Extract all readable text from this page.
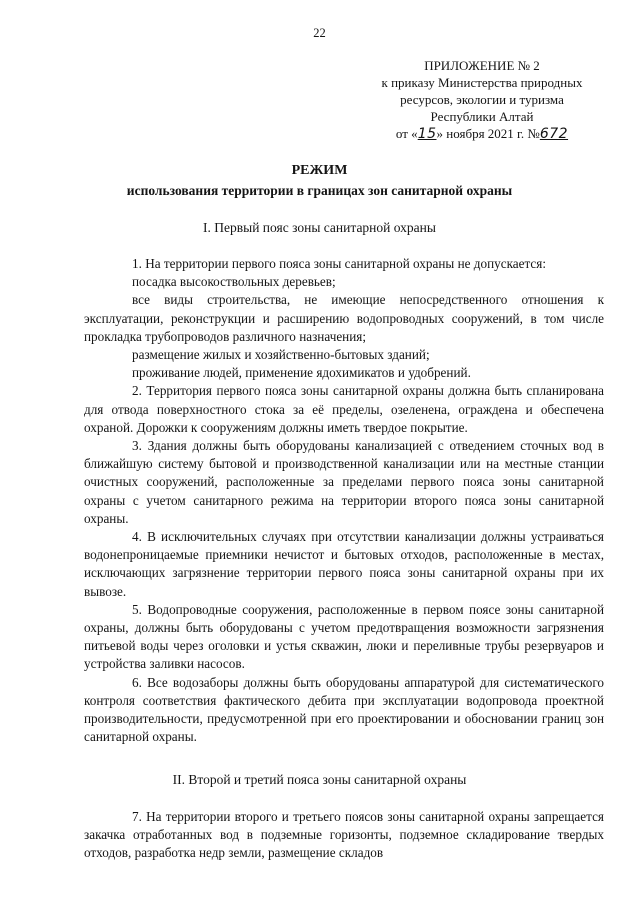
22
ПРИЛОЖЕНИЕ № 2
к приказу Министерства природных
ресурсов, экологии и туризма
Республики Алтай
от «15» ноября 2021 г. №672
РЕЖИМ
использования территории в границах зон санитарной охраны
I. Первый пояс зоны санитарной охраны

1. На территории первого пояса зоны санитарной охраны не допускается:

посадка высокоствольных деревьев;

все виды строительства, не имеющие непосредственного отношения к эксплуатации, реконструкции и расширению водопроводных сооружений, в том числе прокладка трубопроводов различного назначения;

размещение жилых и хозяйственно-бытовых зданий;

проживание людей, применение ядохимикатов и удобрений.

2. Территория первого пояса зоны санитарной охраны должна быть спланирована для отвода поверхностного стока за её пределы, озеленена, ограждена и обеспечена охраной. Дорожки к сооружениям должны иметь твердое покрытие.

3. Здания должны быть оборудованы канализацией с отведением сточных вод в ближайшую систему бытовой и производственной канализации или на местные станции очистных сооружений, расположенные за пределами первого пояса зоны санитарной охраны с учетом санитарного режима на территории второго пояса зоны санитарной охраны.

4. В исключительных случаях при отсутствии канализации должны устраиваться водонепроницаемые приемники нечистот и бытовых отходов, расположенные в местах, исключающих загрязнение территории первого пояса зоны санитарной охраны при их вывозе.

5. Водопроводные сооружения, расположенные в первом поясе зоны санитарной охраны, должны быть оборудованы с учетом предотвращения возможности загрязнения питьевой воды через оголовки и устья скважин, люки и переливные трубы резервуаров и устройства заливки насосов.

6. Все водозаборы должны быть оборудованы аппаратурой для систематического контроля соответствия фактического дебита при эксплуатации водопровода проектной производительности, предусмотренной при его проектировании и обосновании границ зон санитарной охраны.

II. Второй и третий пояса зоны санитарной охраны

7. На территории второго и третьего поясов зоны санитарной охраны запрещается закачка отработанных вод в подземные горизонты, подземное складирование твердых отходов, разработка недр земли, размещение складов
